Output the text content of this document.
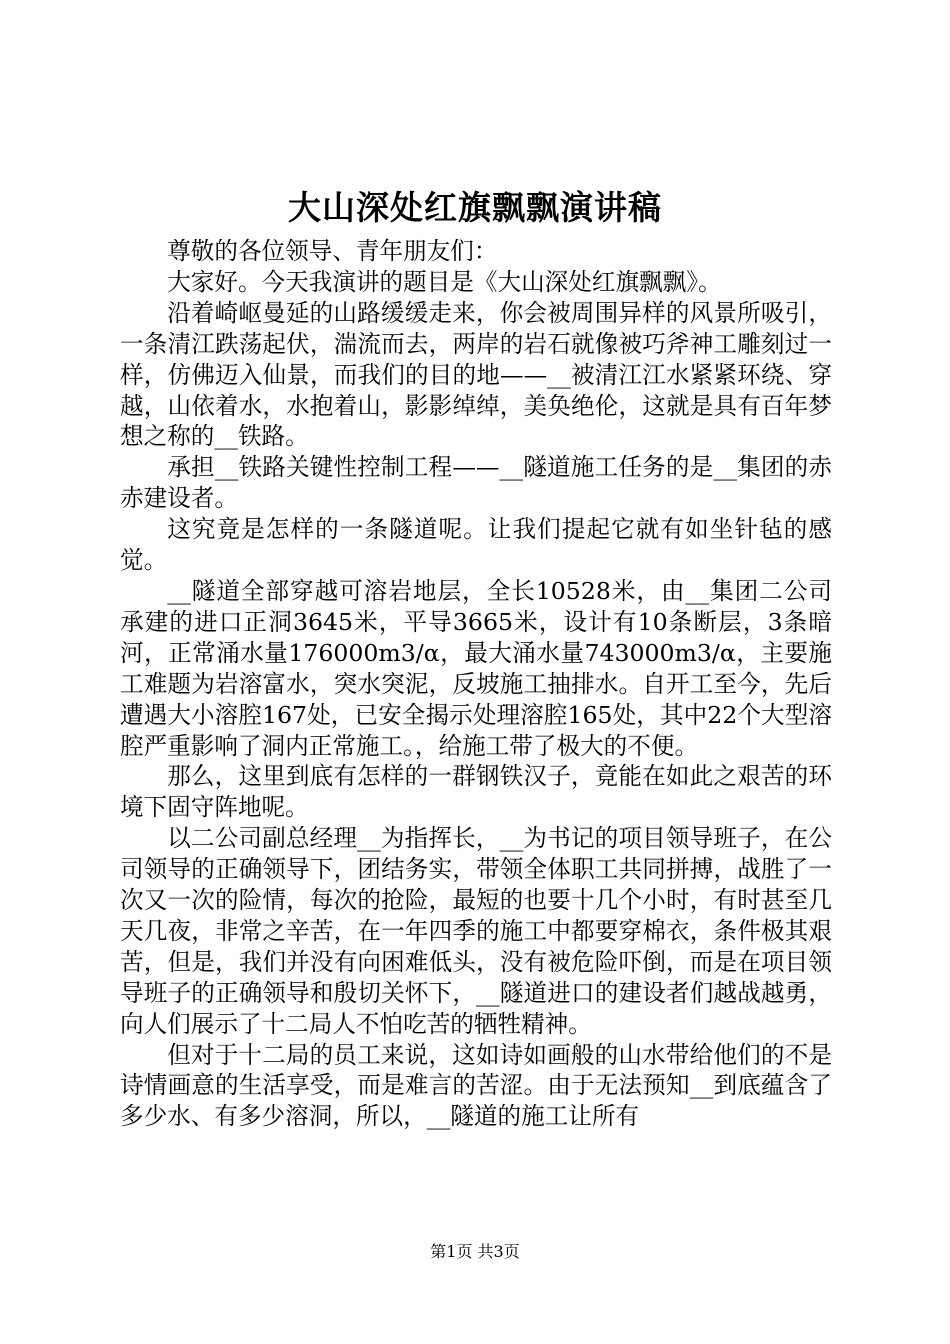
大山深处红旗飘飘演讲稿

尊敬的各位领导、青年朋友们：

大家好。今天我演讲的题目是《大山深处红旗飘飘》。

沿着崎岖曼延的山路缓缓走来，你会被周围异样的风景所吸引，一条清江跌荡起伏，湍流而去，两岸的岩石就像被巧斧神工雕刻过一样，仿佛迈入仙景，而我们的目的地——__被清江江水紧紧环绕、穿越，山依着水，水抱着山，影影绰绰，美奂绝伦，这就是具有百年梦想之称的__铁路。

承担__铁路关键性控制工程——__隧道施工任务的是__集团的赤赤建设者。

这究竟是怎样的一条隧道呢。让我们提起它就有如坐针毡的感觉。

__隧道全部穿越可溶岩地层，全长10528米，由__集团二公司承建的进口正洞3645米，平导3665米，设计有10条断层，3条暗河，正常涌水量176000m3/α，最大涌水量743000m3/α，主要施工难题为岩溶富水，突水突泥，反坡施工抽排水。自开工至今，先后遭遇大小溶腔167处，已安全揭示处理溶腔165处，其中22个大型溶腔严重影响了洞内正常施工。，给施工带了极大的不便。

那么，这里到底有怎样的一群钢铁汉子，竟能在如此之艰苦的环境下固守阵地呢。

以二公司副总经理__为指挥长，__为书记的项目领导班子，在公司领导的正确领导下，团结务实，带领全体职工共同拼搏，战胜了一次又一次的险情，每次的抢险，最短的也要十几个小时，有时甚至几天几夜，非常之辛苦，在一年四季的施工中都要穿棉衣，条件极其艰苦，但是，我们并没有向困难低头，没有被危险吓倒，而是在项目领导班子的正确领导和殷切关怀下，__隧道进口的建设者们越战越勇，向人们展示了十二局人不怕吃苦的牺牲精神。

但对于十二局的员工来说，这如诗如画般的山水带给他们的不是诗情画意的生活享受，而是难言的苦涩。由于无法预知__到底蕴含了多少水、有多少溶洞，所以，__隧道的施工让所有

第1页 共3页
